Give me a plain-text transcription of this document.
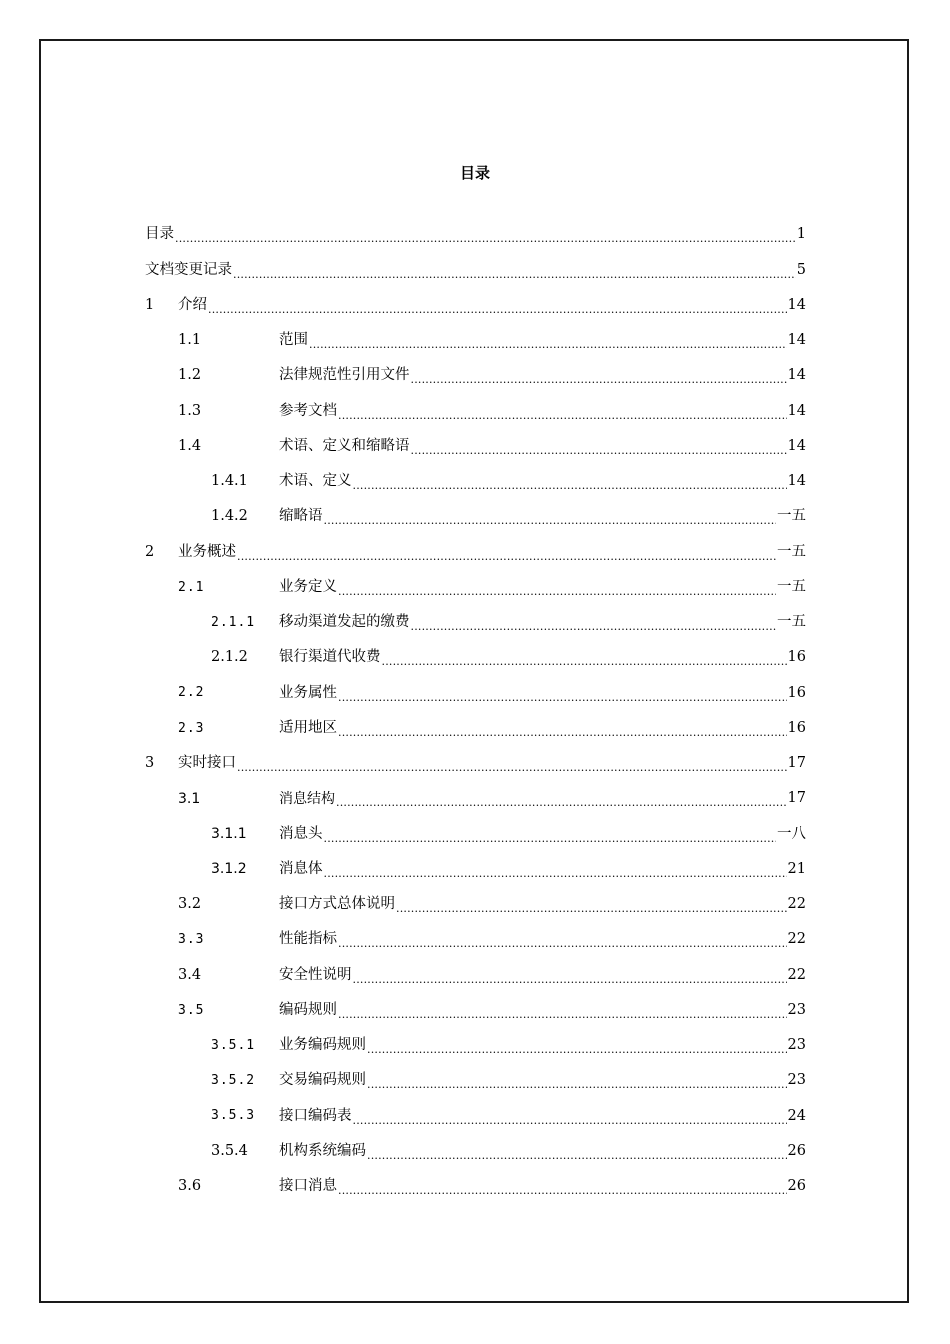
目录
目录 .....	1
文档变更记录 .....	5
1	介绍 .....	14
1.1	范围 .....	14
1.2	法律规范性引用文件 .....	14
1.3	参考文档 .....	14
1.4	术语、定义和缩略语 .....	14
1.4.1	术语、定义 .....	14
1.4.2	缩略语 .....	一五
2	业务概述 .....	一五
2.1	业务定义 .....	一五
2.1.1	移动渠道发起的缴费 .....	一五
2.1.2	银行渠道代收费 .....	16
2.2	业务属性 .....	16
2.3	适用地区 .....	16
3	实时接口 .....	17
3.1	消息结构 .....	17
3.1.1	消息头 .....	一八
3.1.2	消息体 .....	21
3.2	接口方式总体说明 .....	22
3.3	性能指标 .....	22
3.4	安全性说明 .....	22
3.5	编码规则 .....	23
3.5.1	业务编码规则 .....	23
3.5.2	交易编码规则 .....	23
3.5.3	接口编码表 .....	24
3.5.4	机构系统编码 .....	26
3.6	接口消息 .....	26
